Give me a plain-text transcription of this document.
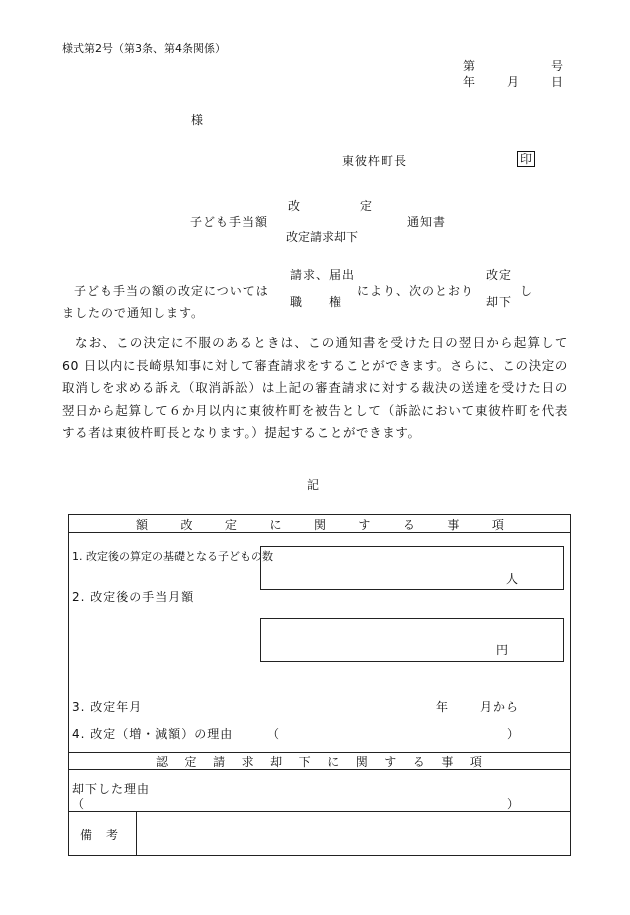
様式第2号（第3条、第4条関係）
第	号
年	月	日
様
東彼杵町長	印
改	定
子ども手当額	通知書
改定請求却下
請求、届出	改定
子ども手当の額の改定については	により、次のとおり	し
職　　権	却下
ましたので通知します。
なお、この決定に不服のあるときは、この通知書を受けた日の翌日から起算して 60 日以内に長崎県知事に対して審査請求をすることができます。さらに、この決定の取消しを求める訴え（取消訴訟）は上記の審査請求に対する裁決の送達を受けた日の翌日から起算して６か月以内に東彼杵町を被告として（訴訟において東彼杵町を代表する者は東彼杵町長となります。）提起することができます。
記
額	改	定	に	関	す	る	事	項
1. 改定後の算定の基礎となる子どもの数
人
2. 改定後の手当月額
円
3. 改定年月	年	月から
4. 改定（増・減額）の理由	（	）
認 定 請 求 却 下 に 関 す る 事 項
却下した理由
（	）
備　考
